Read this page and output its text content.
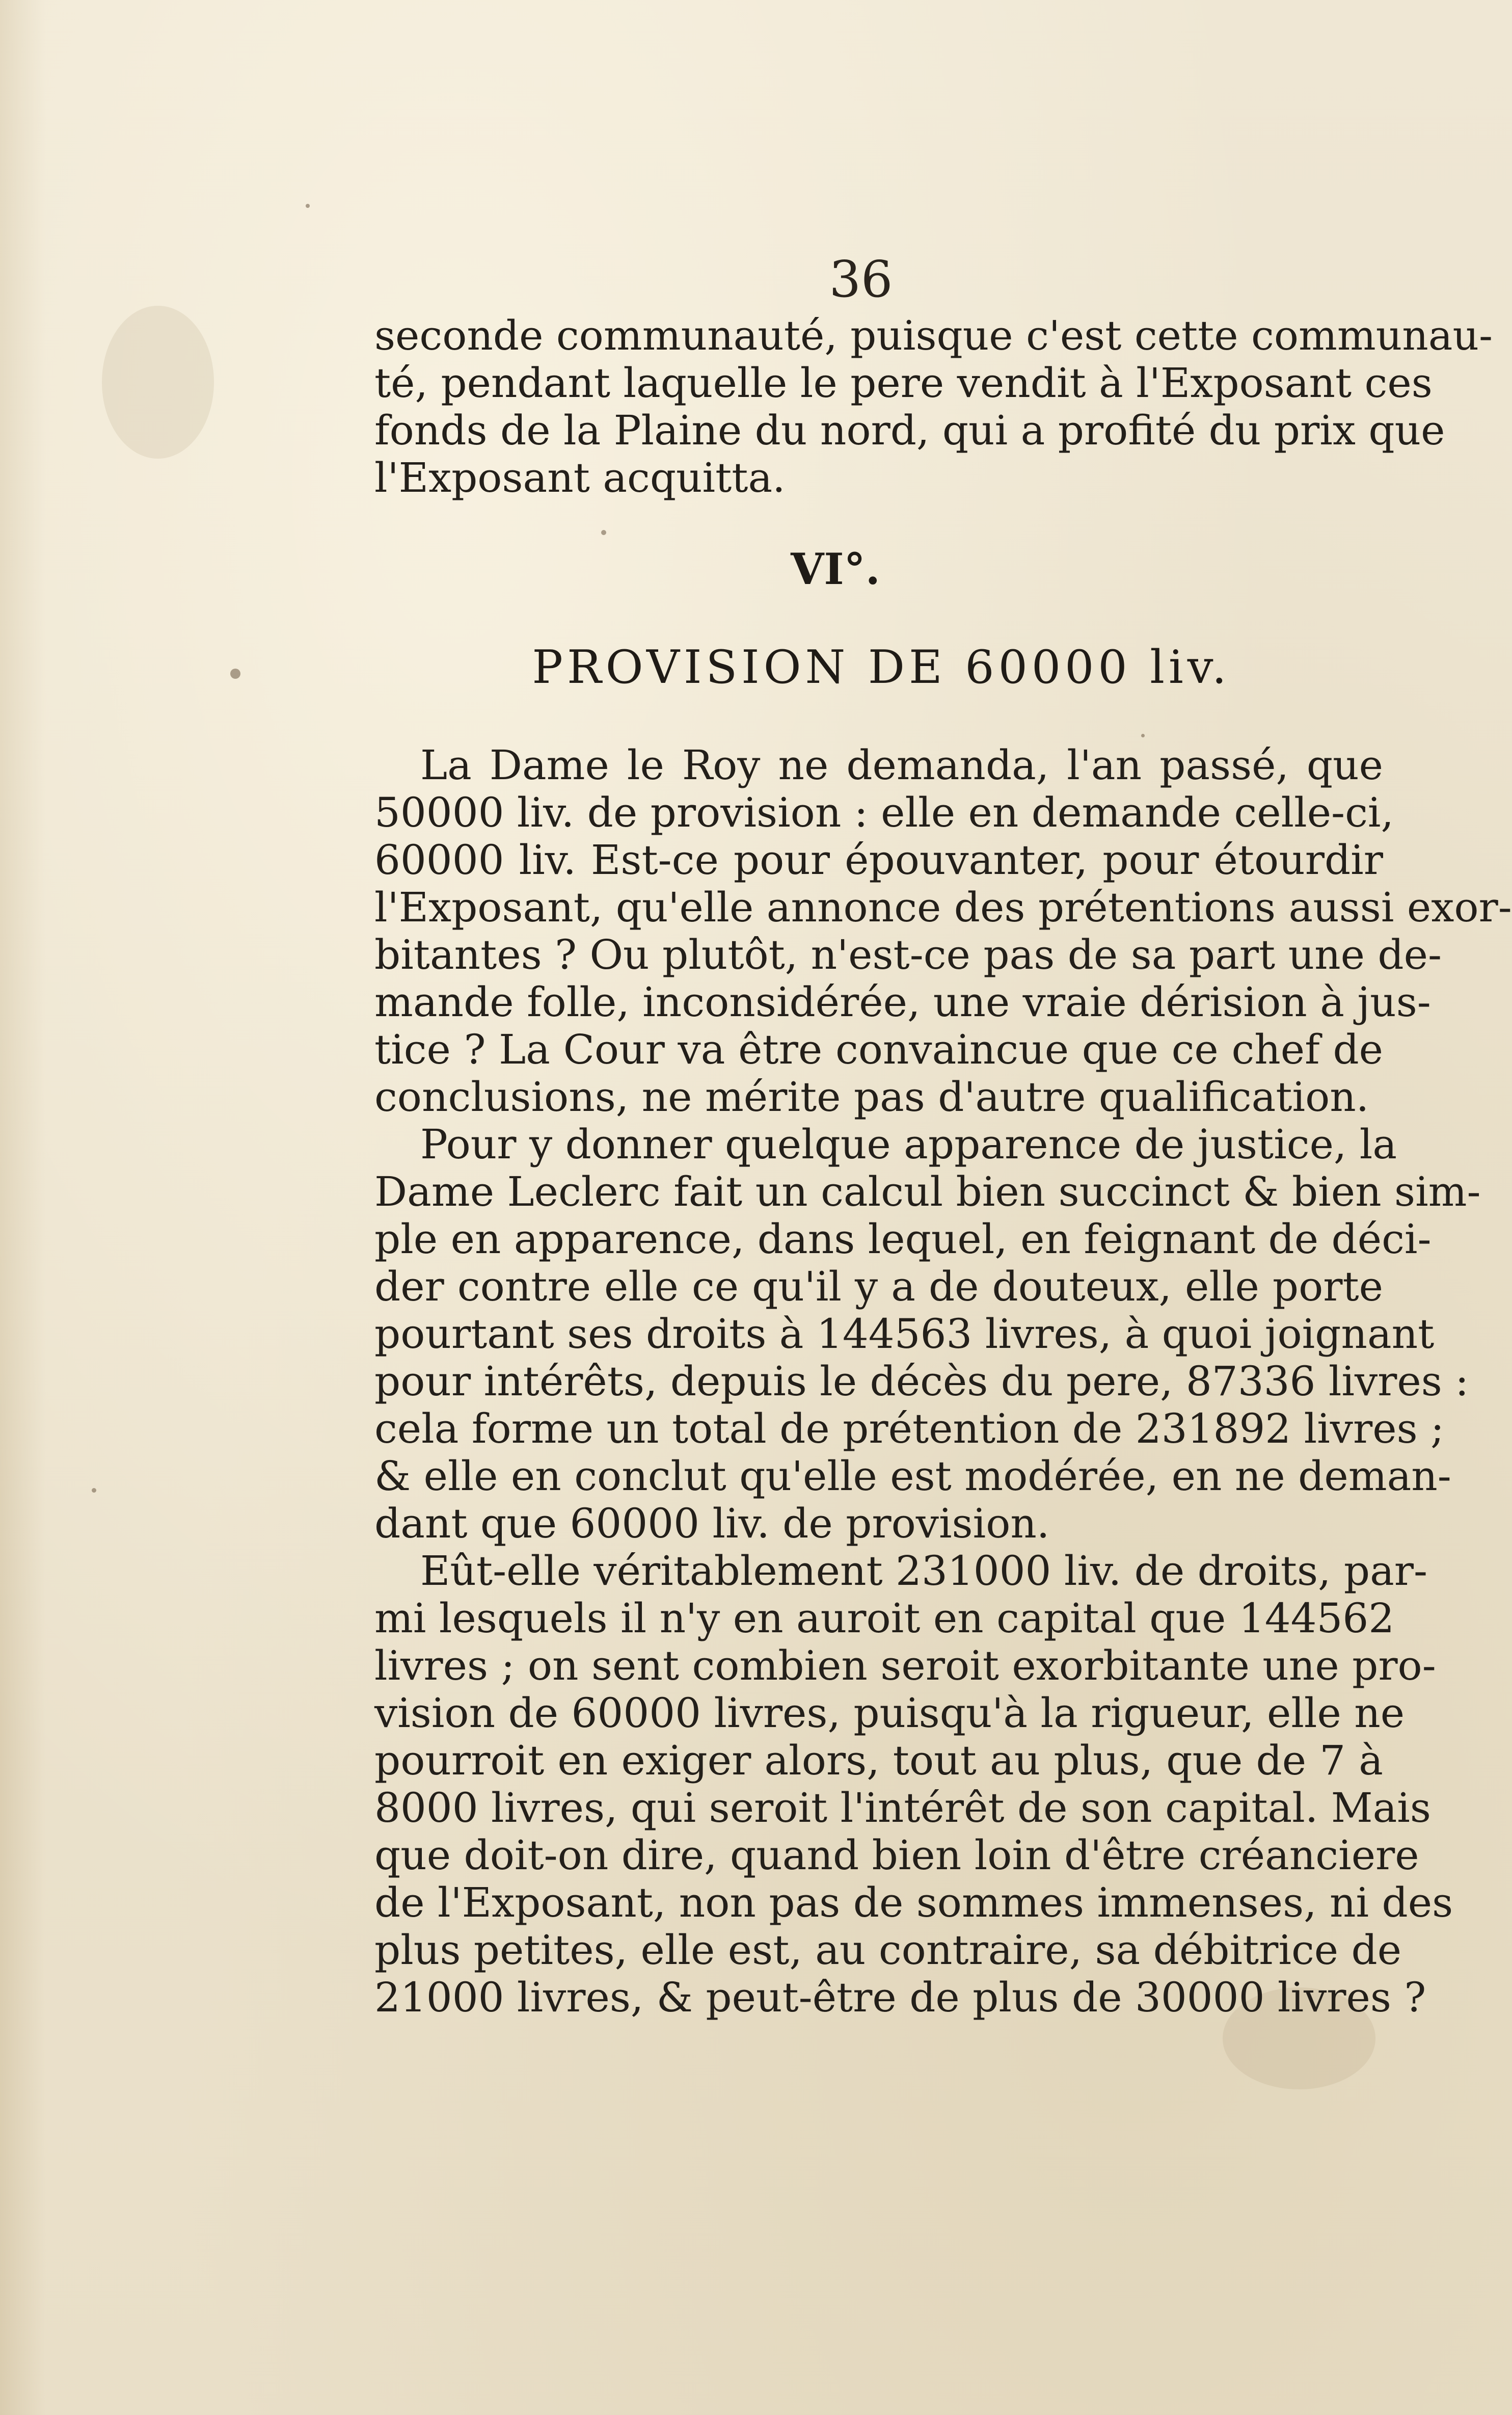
36
seconde communauté, puisque c'est cette communau-
té, pendant laquelle le pere vendit à l'Exposant ces
fonds de la Plaine du nord, qui a profité du prix que
l'Exposant acquitta.
VI°.
PROVISION DE 60000 liv.
La Dame le Roy ne demanda, l'an passé, que
50000 liv. de provision : elle en demande celle-ci,
60000 liv. Est-ce pour épouvanter, pour étourdir
l'Exposant, qu'elle annonce des prétentions aussi exor-
bitantes ? Ou plutôt, n'est-ce pas de sa part une de-
mande folle, inconsidérée, une vraie dérision à jus-
tice ? La Cour va être convaincue que ce chef de
conclusions, ne mérite pas d'autre qualification.
Pour y donner quelque apparence de justice, la
Dame Leclerc fait un calcul bien succinct & bien sim-
ple en apparence, dans lequel, en feignant de déci-
der contre elle ce qu'il y a de douteux, elle porte
pourtant ses droits à 144563 livres, à quoi joignant
pour intérêts, depuis le décès du pere, 87336 livres :
cela forme un total de prétention de 231892 livres ;
& elle en conclut qu'elle est modérée, en ne deman-
dant que 60000 liv. de provision.
Eût-elle véritablement 231000 liv. de droits, par-
mi lesquels il n'y en auroit en capital que 144562
livres ; on sent combien seroit exorbitante une pro-
vision de 60000 livres, puisqu'à la rigueur, elle ne
pourroit en exiger alors, tout au plus, que de 7 à
8000 livres, qui seroit l'intérêt de son capital. Mais
que doit-on dire, quand bien loin d'être créanciere
de l'Exposant, non pas de sommes immenses, ni des
plus petites, elle est, au contraire, sa débitrice de
21000 livres, & peut-être de plus de 30000 livres ?
